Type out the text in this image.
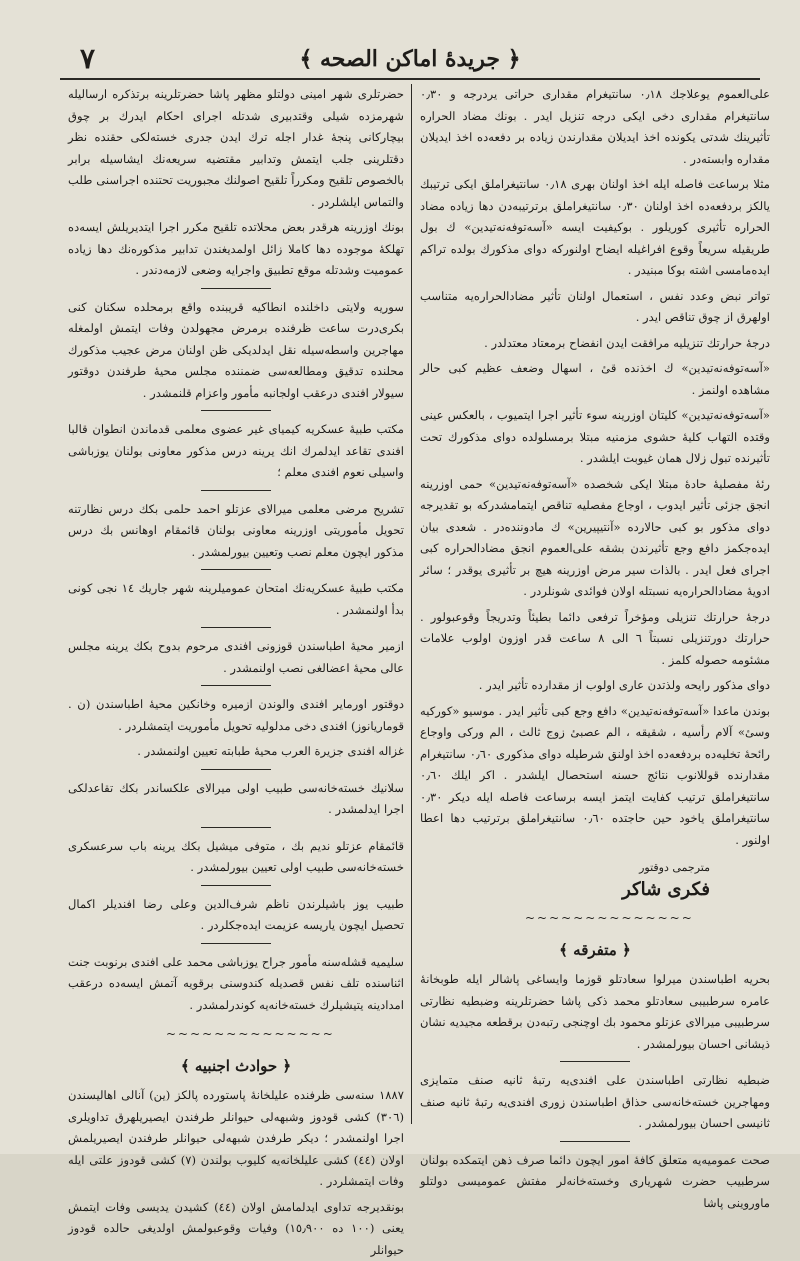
٧	﴿ جریدهٔ اماکن الصحه ﴾

علی‌العموم یوعلاجك ۰٫۱۸ سانتیغرام مقداری حراتی یردرجه و ۰٫۳۰ سانتیغرام مقداری دخی ایکی درجه تنزیل ایدر . بونك مضاد الحراره تأثیرینك شدتی یکونده اخذ ایدیلان مقدارندن زیاده بر دفعه‌ده اخذ ایدیلان مقداره وابسته‌در .

مثلا برساعت فاصله ایله اخذ اولنان بهری ۰٫۱۸ سانتیغراملق ایکی ترتیبك یالکز بردفعه‌ده اخذ اولنان ۰٫۳۰ سانتیغراملق برترتیبه‌دن دها زیاده مضاد الحراره تأثیری کوریلور . بوکیفیت ایسه «آسه‌توفه‌نه‌تیدین» ك بول طریقیله سریعاً وقوع افراغیله ایضاح اولنورکه دوای مذکورك بولده تراکم ایده‌مامسی اشته بوکا مبنیدر .

تواتر نبض وعدد نفس ، استعمال اولنان تأثیر مضادالحراره‌یه متناسب اولهرق از چوق تناقص ایدر .

درجهٔ حرارتك تنزیلیه مرافقت ایدن انفضاح برمعتاد معتدلدر .

«آسه‌توفه‌نه‌تیدین» ك اخذنده قیٔ ، اسهال وضعف عظیم کبی حالر مشاهده اولنمز .

«آسه‌توفه‌نه‌تیدین» کلیتان اوزرینه سوء تأثیر اجرا ایتمیوب ، بالعکس عینی وقتده التهاب کلیهٔ حشوی مزمنیه مبتلا برمسلولده دوای مذکورك تحت تأثیرنده تبول زلال همان غیوبت ایلشدر .

رئهٔ مفصلیهٔ حادهٔ مبتلا ایکی شخصده «آسه‌توفه‌نه‌تیدین» حمی اوزرینه انجق جزئی تأثیر ایدوب ، اوجاع مفصلیه تناقص ایتمامشدرکه بو تقدیرجه دوای مذکور بو کبی حالارده «آنتیپیرین» ك مادوننده‌در . شعدی بیان ایده‌جکمز دافع وجع تأثیرندن بشقه علی‌العموم انجق مضادالحراره کبی اجرای فعل ایدر . بالذات سیر مرض اوزرینه هیچ بر تأثیری یوقدر ؛ سائر ادویهٔ مضادالحراره‌یه نسبتله اولان فوائدی شونلردر .

درجهٔ حرارتك تنزیلی ومؤخراً ترفعی دائما بطیئاً وتدریجاً وقوعبولور . حرارتك دورتنزیلی نسبتاً ٦ الی ٨ ساعت قدر اوزون اولوب علامات مشئومه حصوله کلمز .

دوای مذکور رایحه ولذتدن عاری اولوب از مقدارده تأثیر ایدر .

بوندن ماعدا «آسه‌توفه‌نه‌تیدین» دافع وجع کبی تأثیر ایدر . موسیو «کورکیه وسیٔ» آلام رأسیه ، شقیقه ، الم عصبیٔ زوج ثالث ، الم ورکی واوجاع رائحهٔ تخلیه‌ده بردفعه‌ده اخذ اولنق شرطیله دوای مذکوری ۰٫٦۰ سانتیغرام مقدارنده قوللانوب نتائج حسنه استحصال ایلشدر . اکر ایلك ۰٫٦۰ سانتیغراملق ترتیب کفایت ایتمز ایسه برساعت فاصله ایله دیکر ۰٫۳۰ سانتیغراملق یاخود حین حاجتده ۰٫٦۰ سانتیغراملق برترتیب دها اعطا اولنور .

مترجمی دوقتور
فکری شاکر
~~~~~~~~~~~~~~
﴿ متفرقه ﴾

بحریه اطباسندن میرلوا سعادتلو قوزما وایساغی پاشالر ایله طوبخانهٔ عامره سرطبیبی سعادتلو محمد ذکی پاشا حضرتلرینه وضبطیه نظارتی سرطبیبی میرالای عزتلو محمود بك اوچنجی رتبه‌دن برقطعه مجیدیه نشان ذیشانی احسان بیورلمشدر .

ضبطیه نظارتی اطباسندن علی افندی‌یه رتبهٔ ثانیه صنف متمایزی ومهاجرین خسته‌خانه‌سی حذاق اطباسندن زوری افندی‌یه رتبهٔ ثانیه صنف ثانیسی احسان بیورلمشدر .

صحت عمومیه‌یه متعلق کافهٔ امور ایچون دائما صرف ذهن ایتمکده بولنان سرطبیب حضرت شهریاری وخسته‌خانه‌لر مفتش عمومیسی دولتلو ماوروینی پاشا

حضرتلری شهر امینی دولتلو مظهر پاشا حضرتلرینه برتذکره ارسالیله شهرمزده شیلی وقتدبیری شدتله اجرای احکام ایدرك بر چوق بیچارکانی پنجهٔ غدار اجله ترك ایدن جدری خسته‌لکی حقنده نظر دقتلرینی جلب ایتمش وتدابیر مقتضیه سریعه‌نك ایشاسیله برابر بالخصوص تلقیح ومکرراً تلقیح اصولنك مجبوریت تحتنده اجراسنی طلب والتماس ایلشلردر .

بونك اوزرینه هرقدر بعض محلاتده تلقیح مکرر اجرا ایتدیریلش ایسه‌ده تهلکهٔ موجوده دها کاملا زائل اولمدیغندن تدابیر مذکوره‌نك دها زیاده عمومیت وشدتله موقع تطبیق واجرایه وضعی لازمه‌دندر .

سوریه ولایتی داخلنده انطاکیه قریبنده واقع برمحلده سکنان کنی بکری‌درت ساعت ظرفنده برمرض مجهولدن وفات ایتمش اولمغله مهاجرین واسطه‌سیله نقل ایدلدیکی ظن اولنان مرض عجیب مذکورك محلنده تدقیق ومطالعه‌سی ضمننده مجلس محیهٔ طرفندن دوقتور سیولار افندی درعقب اولجانبه مأمور واعزام قلنمشدر .

مکتب طبیهٔ عسکریه کیمیای غیر عضوی معلمی قدماندن انطوان قالبا افندی تقاعد ایدلمرك انك یرینه درس مذکور معاونی بولنان یوزباشی واسیلی نعوم افندی معلم ؛

تشریح مرضی معلمی میرالای عزتلو احمد حلمی بکك درس نظارتنه تحویل مأموریتی اوزرینه معاونی بولنان قائمقام اوهانس بك درس مذکور ایچون معلم نصب وتعیین بیورلمشدر .

مکتب طبیهٔ عسکریه‌نك امتحان عمومیلرینه شهر جاریك ١٤ نجی کونی بدأ اولنمشدر .

ازمیر محیهٔ اطباسندن قوزونی افندی مرحوم بدوح بکك یرینه مجلس عالی محیهٔ اعضالغی نصب اولنمشدر .

دوقتور اورمایر افندی والوندن ازمیره وخانکین محیهٔ اطباسندن (ن . قوماریانوز) افندی دخی مدلولیه تحویل مأموریت ایتمشلردر .

غزاله افندی جزیرة العرب محیهٔ طبابته تعیین اولنمشدر .

سلانیك خسته‌خانه‌سی طبیب اولی میرالای علکساندر بکك تقاعدلکی اجرا ایدلمشدر .

قائمقام عزتلو نديم بك ، متوفی میشیل بکك یرینه باب سرعسکری خسته‌خانه‌سی طبیب اولی تعیین بیورلمشدر .

طبیب یوز باشیلرندن ناظم شرف‌الدین وعلی رضا افندیلر اکمال تحصیل ایچون یاریسه عزیمت ایده‌جکلردر .

سلیمیه قشله‌سنه مأمور جراح یوزباشی محمد علی افندی برنوبت جنت اثناسنده تلف نفس قصدیله کندوسنی برقویه آتمش ایسه‌ده درعقب امدادینه یتیشیلرك خسته‌خانه‌یه کوندرلمشدر .

~~~~~~~~~~~~~~
﴿ حوادث اجنبیه ﴾

١٨٨٧ سنه‌سی ظرفنده علیلخانهٔ پاستورده پالکز (ین) آنالی اهالیسندن (٣٠٦) کشی قودوز وشبهه‌لی حیوانلر طرفندن ایصیریلهرق تداویلری اجرا اولنمشدر ؛ دیکر طرفدن شبهه‌لی حیوانلر طرفندن ایصیریلمش اولان (٤٤) کشی علیلخانه‌یه کلیوب بولندن (٧) کشی قودوز علتی ایله وفات ایتمشلردر .

بونقدیرجه تداوی ایدلمامش اولان (٤٤) کشیدن یدیسی وفات ایتمش یعنی (١٠٠ ده ١٥٫٩٠٠) وفیات وقوعبولمش اولدیغی حالده قودوز حیوانلر
